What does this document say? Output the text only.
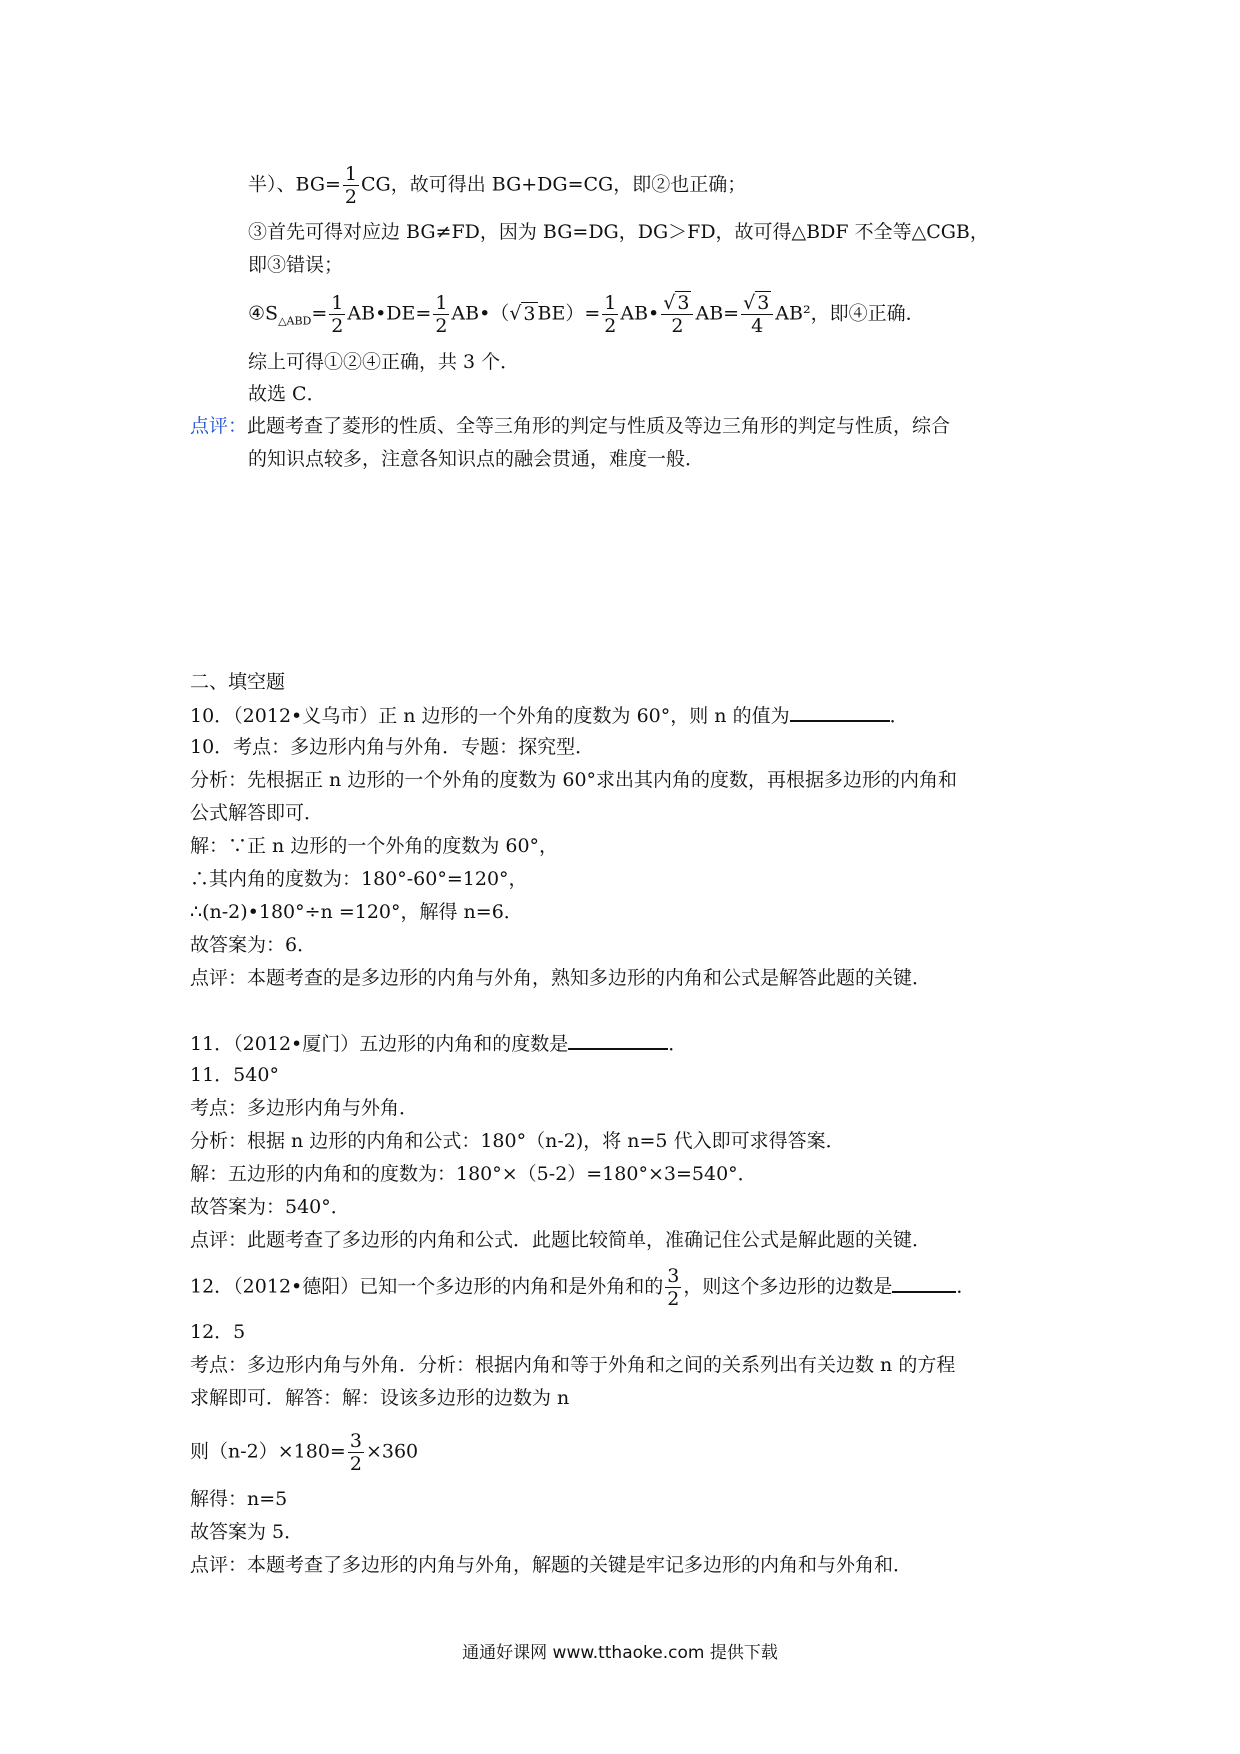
半）、$BG= \frac{1}{2}$ CG，故可得出 BG+DG=CG，即②也正确；
③首先可得对应边 BG≠FD，因为 BG=DG，DG＞FD，故可得△BDF 不全等△CGB，
即③错误；
$④S_{\triangle ABD}= \frac{1}{2}$ AB•DE= $\frac{1}{2}$ AB•（√ 3 $BE)= \frac{1}{2}$ AB• $\frac{√ 3}{2} AB= \frac{√ 3}{4} AB^2$，即④正确．
综上可得①②④正确，共 3 个．
故选 C．
点评：此题考查了菱形的性质、全等三角形的判定与性质及等边三角形的判定与性质，综合
的知识点较多，注意各知识点的融会贯通，难度一般．
二、填空题
10．（2012•义乌市）正 n 边形的一个外角的度数为 60°，则 n 的值为	．
10．考点：多边形内角与外角．专题：探究型．
分析：先根据正 n 边形的一个外角的度数为 60°求出其内角的度数，再根据多边形的内角和
公式解答即可．
解：∵正 n 边形的一个外角的度数为 60°，
∴其内角的度数为：180°-60°=120°，
∴(n-2)•180°÷n =120°，解得 n=6．
故答案为：6．
点评：本题考查的是多边形的内角与外角，熟知多边形的内角和公式是解答此题的关键．
11．（2012•厦门）五边形的内角和的度数是	．
11．540°
考点：多边形内角与外角．
分析：根据 n 边形的内角和公式：180°（n-2)，将 n=5 代入即可求得答案．
解：五边形的内角和的度数为：180°×（5-2）=180°×3=540°．
故答案为：540°．
点评：此题考查了多边形的内角和公式．此题比较简单，准确记住公式是解此题的关键．
12．（2012•德阳）已知一个多边形的内角和是外角和的 $\frac{3}{2}$ ，则这个多边形的边数是	．
12．5
考点：多边形内角与外角．分析：根据内角和等于外角和之间的关系列出有关边数 n 的方程
求解即可．解答：解：设该多边形的边数为 n
则$(n-2)\times 180= \frac{3}{2} \times 360$
解得：n=5
故答案为 5．
点评：本题考查了多边形的内角与外角，解题的关键是牢记多边形的内角和与外角和．
通通好课网 www.tthaoke.com 提供下载
